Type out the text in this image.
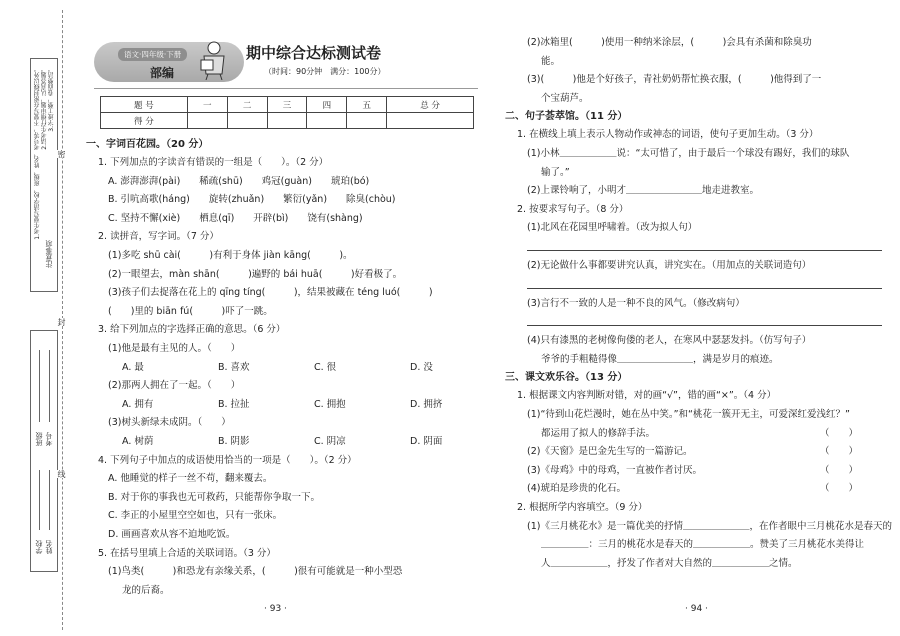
注意事项
1.考生要写清学校、班级、姓名、考号等，不要写在密封线以外。 2.请考生仔细审题，认真答题。 3.字迹工整，卷面整洁。
学校 姓名
班级 考号
密
封
线
语文·四年级·下册
部编
期中综合达标测试卷
（时间：90分钟　满分：100分）
题 号	一	二	三	四	五	总 分
得 分						
一、字词百花园。（20 分）
1. 下列加点的字读音有错误的一组是（　　）。（2 分）
A. 澎湃澎湃(pài)　　稀疏(shū)　　鸡冠(guàn)　　琥珀(bó)
B. 引吭高歌(háng)　　旋转(zhuǎn)　　繁衍(yǎn)　　除臭(chòu)
C. 坚持不懈(xiè)　　栖息(qī)　　开辟(bì)　　饶有(shàng)
2. 读拼音，写字词。（7 分）
(1)多吃 shū cài(　　　)有利于身体 jiàn kāng(　　　)。
(2)一眼望去，màn shān(　　　)遍野的 bái huā(　　　)好看极了。
(3)孩子们去捉落在花上的 qīng tíng(　　　)，结果被藏在 téng luó(　　　)
(　　)里的 biān fú(　　　)吓了一跳。
3. 给下列加点的字选择正确的意思。（6 分）
(1)他是最有主见的人。（　　）
A. 最	B. 喜欢	C. 很	D. 没
(2)那两人拥在了一起。（　　）
A. 拥有	B. 拉扯	C. 拥抱	D. 拥挤
(3)树头新绿未成阴。（　　）
A. 树荫	B. 阴影	C. 阴凉	D. 阴面
4. 下列句子中加点的成语使用恰当的一项是（　　）。（2 分）
A. 他睡觉的样子一丝不苟，翻来覆去。
B. 对于你的事我也无可救药，只能帮你争取一下。
C. 李正的小屋里空空如也，只有一张床。
D. 画画喜欢从容不迫地吃饭。
5. 在括号里填上合适的关联词语。（3 分）
(1)鸟类(　　　)和恐龙有亲缘关系，(　　　)很有可能就是一种小型恐
龙的后裔。
· 93 ·
(2)冰箱里(　　　)使用一种纳米涂层，(　　　)会具有杀菌和除臭功
能。
(3)(　　　)他是个好孩子，青社奶奶帮忙换衣服，(　　　)他得到了一
个宝葫芦。
二、句子荟萃馆。（11 分）
1. 在横线上填上表示人物动作或神态的词语，使句子更加生动。（3 分）
(1)小林＿＿＿＿＿＿说：“太可惜了，由于最后一个球没有踢好，我们的球队
输了。”
(2)上课铃响了，小明才＿＿＿＿＿＿＿＿地走进教室。
2. 按要求写句子。（8 分）
(1)北风在花园里呼啸着。（改为拟人句）
(2)无论做什么事都要讲究认真，讲究实在。（用加点的关联词造句）
(3)言行不一致的人是一种不良的风气。（修改病句）
(4)只有漆黑的老树像佝偻的老人，在寒风中瑟瑟发抖。（仿写句子）
爷爷的手粗糙得像＿＿＿＿＿＿＿＿，满是岁月的痕迹。
三、课文欢乐谷。（13 分）
1. 根据课文内容判断对错，对的画“√”，错的画“×”。（4 分）
(1)“待到山花烂漫时，她在丛中笑。”和“桃花一簇开无主，可爱深红爱浅红？”
都运用了拟人的修辞手法。	（　　）
(2)《天窗》是巴金先生写的一篇游记。	（　　）
(3)《母鸡》中的母鸡，一直被作者讨厌。	（　　）
(4)琥珀是珍贵的化石。	（　　）
2. 根据所学内容填空。（9 分）
(1)《三月桃花水》是一篇优美的抒情＿＿＿＿＿＿＿，在作者眼中三月桃花水是春天的
＿＿＿＿＿：三月的桃花水是春天的＿＿＿＿＿＿。赞美了三月桃花水美得让
人＿＿＿＿＿＿，抒发了作者对大自然的＿＿＿＿＿＿之情。
· 94 ·
